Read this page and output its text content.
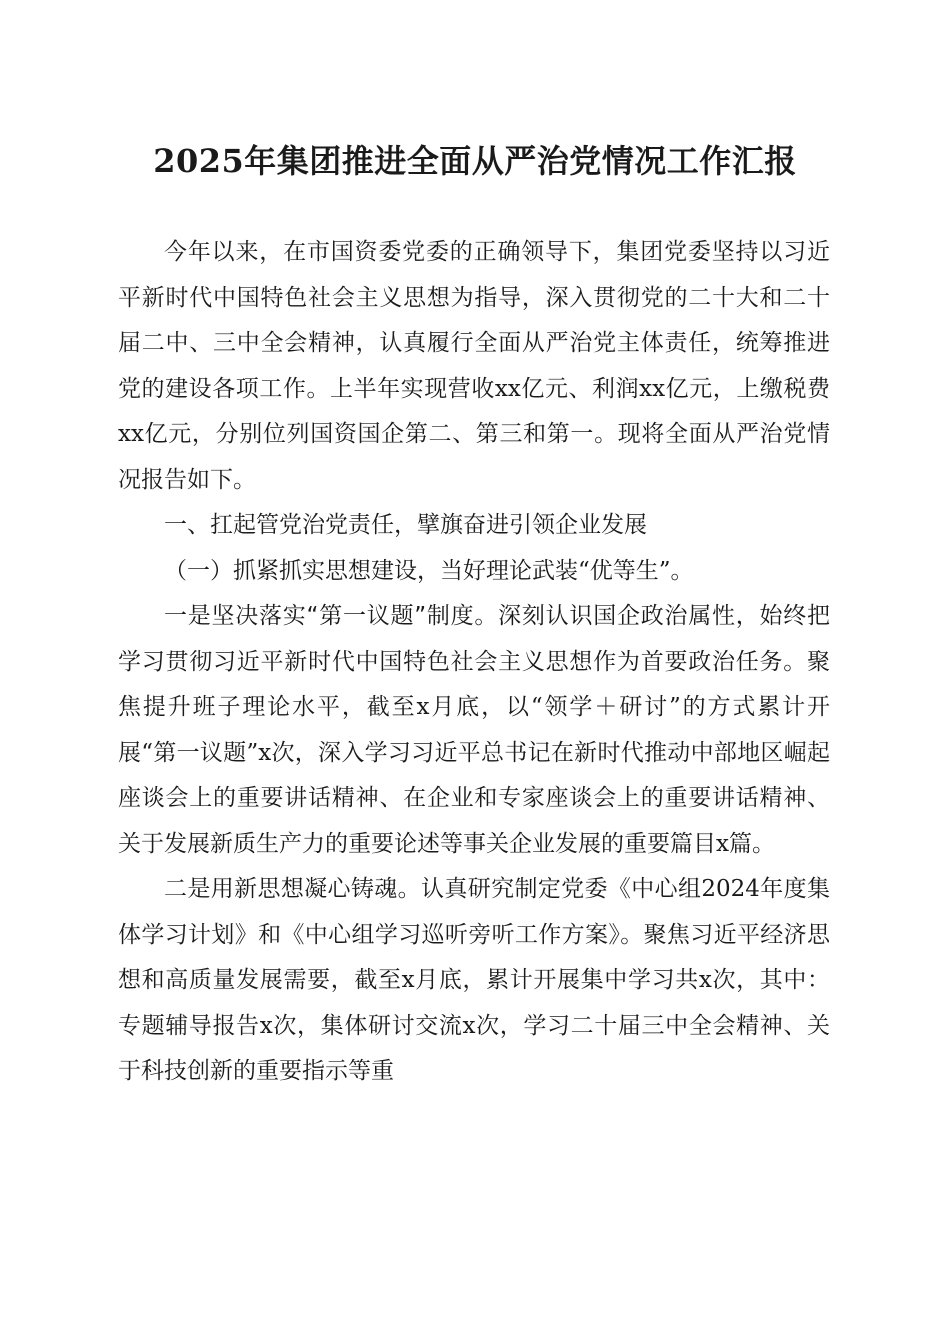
2025年集团推进全面从严治党情况工作汇报

今年以来，在市国资委党委的正确领导下，集团党委坚持以习近平新时代中国特色社会主义思想为指导，深入贯彻党的二十大和二十届二中、三中全会精神，认真履行全面从严治党主体责任，统筹推进党的建设各项工作。上半年实现营收xx亿元、利润xx亿元，上缴税费xx亿元，分别位列国资国企第二、第三和第一。现将全面从严治党情况报告如下。

一、扛起管党治党责任，擘旗奋进引领企业发展

（一）抓紧抓实思想建设，当好理论武装“优等生”。

一是坚决落实“第一议题”制度。深刻认识国企政治属性，始终把学习贯彻习近平新时代中国特色社会主义思想作为首要政治任务。聚焦提升班子理论水平，截至x月底，以“领学＋研讨”的方式累计开展“第一议题”x次，深入学习习近平总书记在新时代推动中部地区崛起座谈会上的重要讲话精神、在企业和专家座谈会上的重要讲话精神、关于发展新质生产力的重要论述等事关企业发展的重要篇目x篇。

二是用新思想凝心铸魂。认真研究制定党委《中心组2024年度集体学习计划》和《中心组学习巡听旁听工作方案》。聚焦习近平经济思想和高质量发展需要，截至x月底，累计开展集中学习共x次，其中：专题辅导报告x次，集体研讨交流x次，学习二十届三中全会精神、关于科技创新的重要指示等重
